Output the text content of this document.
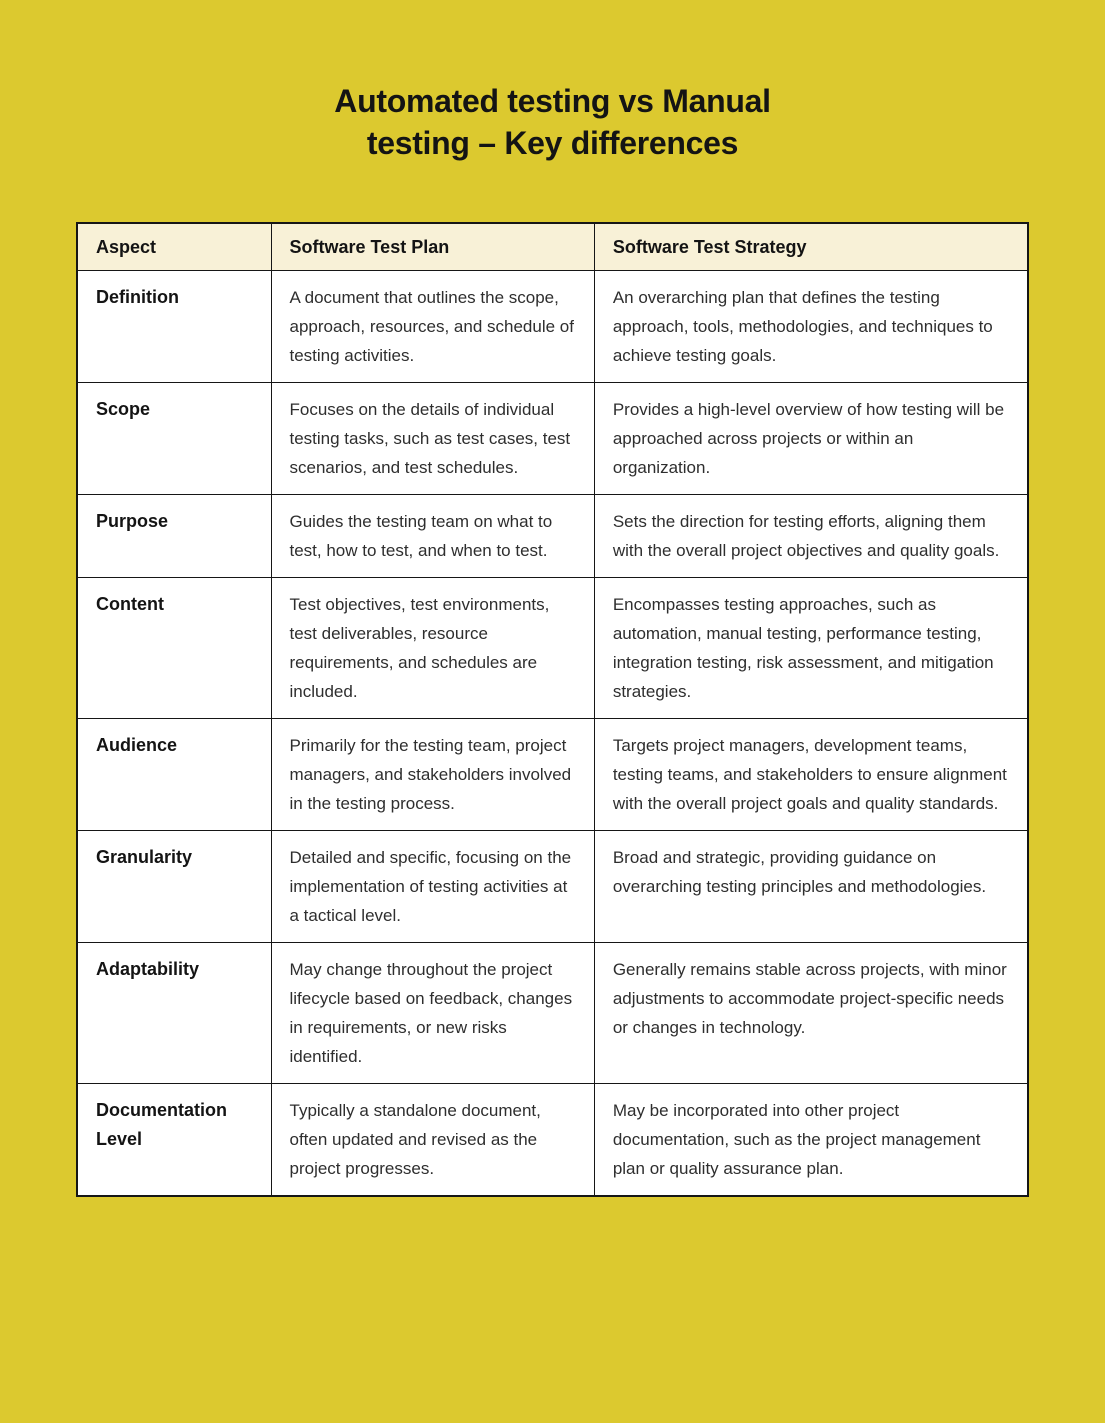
Automated testing vs Manual
testing – Key differences
Aspect	Software Test Plan	Software Test Strategy
Definition	A document that outlines the scope, approach, resources, and schedule of testing activities.	An overarching plan that defines the testing approach, tools, methodologies, and techniques to achieve testing goals.
Scope	Focuses on the details of individual testing tasks, such as test cases, test scenarios, and test schedules.	Provides a high-level overview of how testing will be approached across projects or within an organization.
Purpose	Guides the testing team on what to test, how to test, and when to test.	Sets the direction for testing efforts, aligning them with the overall project objectives and quality goals.
Content	Test objectives, test environments, test deliverables, resource requirements, and schedules are included.	Encompasses testing approaches, such as automation, manual testing, performance testing, integration testing, risk assessment, and mitigation strategies.
Audience	Primarily for the testing team, project managers, and stakeholders involved in the testing process.	Targets project managers, development teams, testing teams, and stakeholders to ensure alignment with the overall project goals and quality standards.
Granularity	Detailed and specific, focusing on the implementation of testing activities at a tactical level.	Broad and strategic, providing guidance on overarching testing principles and methodologies.
Adaptability	May change throughout the project lifecycle based on feedback, changes in requirements, or new risks identified.	Generally remains stable across projects, with minor adjustments to accommodate project-specific needs or changes in technology.
Documentation Level	Typically a standalone document, often updated and revised as the project progresses.	May be incorporated into other project documentation, such as the project management plan or quality assurance plan.
